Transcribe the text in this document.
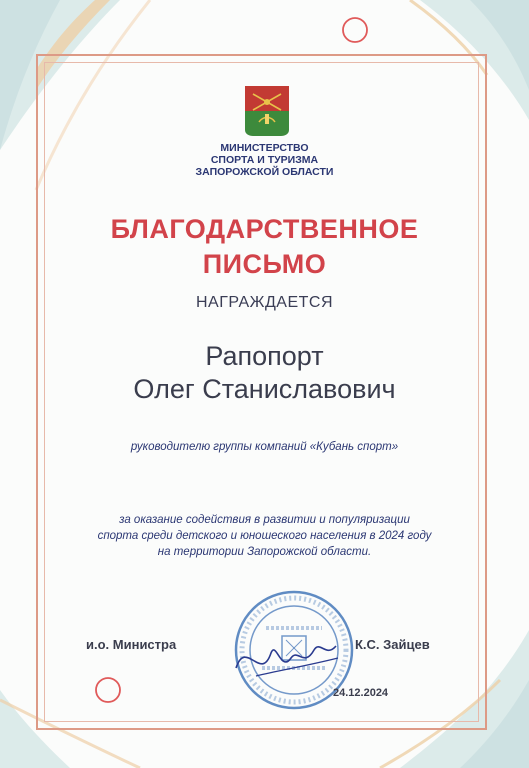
МИНИСТЕРСТВО
СПОРТА И ТУРИЗМА
ЗАПОРОЖСКОЙ ОБЛАСТИ
БЛАГОДАРСТВЕННОЕ
ПИСЬМО
НАГРАЖДАЕТСЯ
Рапопорт
Олег Станиславович
руководителю группы компаний «Кубань спорт»
за оказание содействия в развитии и популяризации
спорта среди детского и юношеского населения в 2024 году
на территории Запорожской области.
и.о. Министра	К.С. Зайцев
24.12.2024
